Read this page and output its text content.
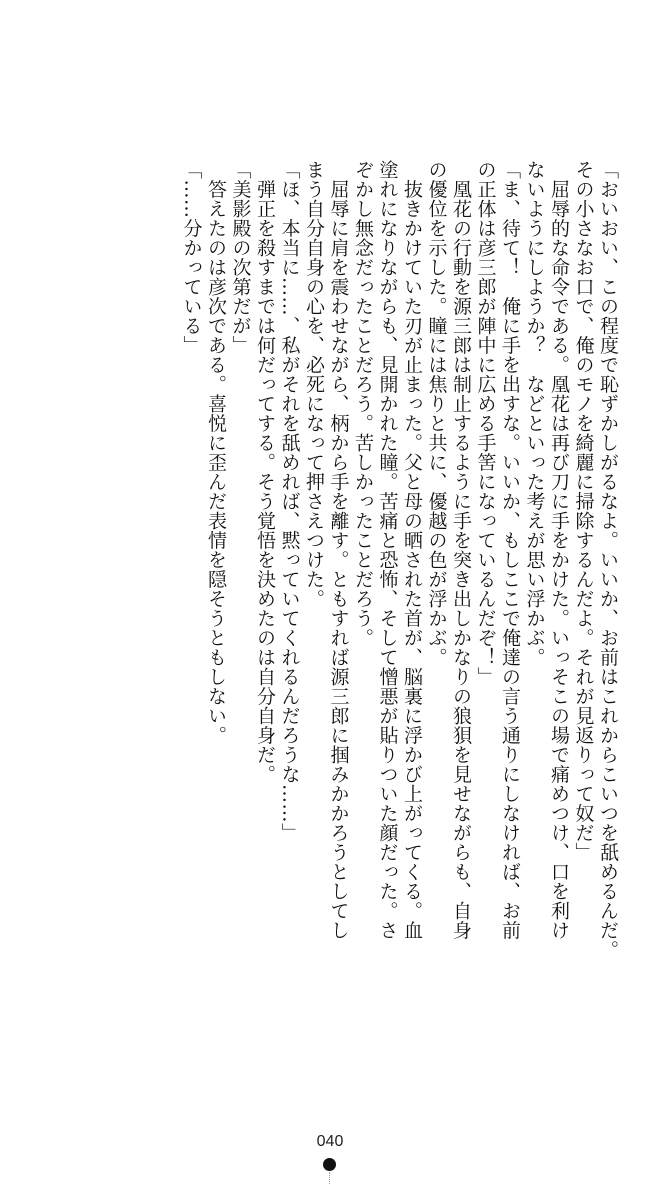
「おいおい、この程度で恥ずかしがるなよ。いいか、お前はこれからこいつを舐めるんだ。
その小さなお口で、俺のモノを綺麗に掃除するんだよ。それが見返りって奴だ」
　屈辱的な命令である。凰花は再び刀に手をかけた。いっそこの場で痛めつけ、口を利け
ないようにしようか？　などといった考えが思い浮かぶ。
「ま、待て！　俺に手を出すな。いいか、もしここで俺達の言う通りにしなければ、お前
の正体は彦三郎が陣中に広める手筈になっているんだぞ！」
　凰花の行動を源三郎は制止するように手を突き出しかなりの狼狽を見せながらも、自身
の優位を示した。瞳には焦りと共に、優越の色が浮かぶ。
　抜きかけていた刃が止まった。父と母の晒された首が、脳裏に浮かび上がってくる。血
塗れになりながらも、見開かれた瞳。苦痛と恐怖、そして憎悪が貼りついた顔だった。さ
ぞかし無念だったことだろう。苦しかったことだろう。
　屈辱に肩を震わせながら、柄から手を離す。ともすれば源三郎に掴みかかろうとしてし
まう自分自身の心を、必死になって押さえつけた。
「ほ、本当に……、私がそれを舐めれば、黙っていてくれるんだろうな……」
　弾正を殺すまでは何だってする。そう覚悟を決めたのは自分自身だ。
「美影殿の次第だが」
　答えたのは彦次である。喜悦に歪んだ表情を隠そうともしない。
「……分かっている」
040
